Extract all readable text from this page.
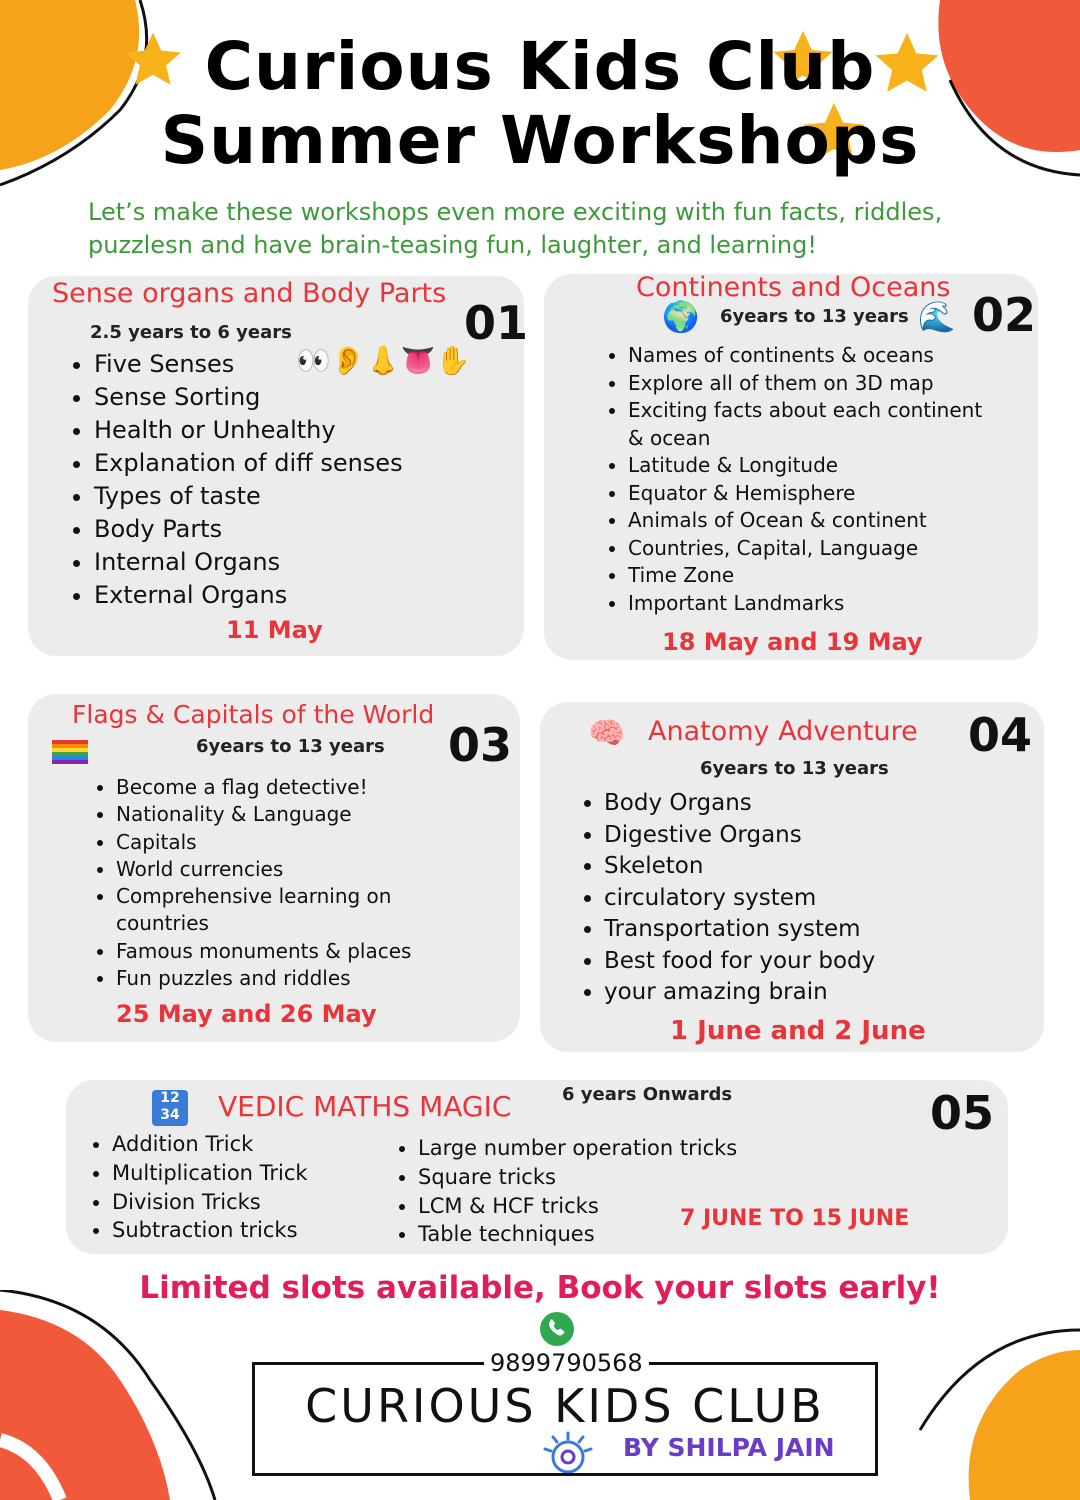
Curious Kids Club
Summer Workshops
Let’s make these workshops even more exciting with fun facts, riddles, puzzlesn and have brain-teasing fun, laughter, and learning!
Sense organs and Body Parts
01
2.5 years to 6 years
👀👂👃👅✋
• Five Senses
• Sense Sorting
• Health or Unhealthy
• Explanation of diff senses
• Types of taste
• Body Parts
• Internal Organs
• External Organs
11 May
Continents and Oceans
02
🌍 6years to 13 years 🌊
• Names of continents & oceans
• Explore all of them on 3D map
• Exciting facts about each continent & ocean
• Latitude & Longitude
• Equator & Hemisphere
• Animals of Ocean & continent
• Countries, Capital, Language
• Time Zone
• Important Landmarks
18 May and 19 May
Flags & Capitals of the World
03
6years to 13 years
• Become a flag detective!
• Nationality & Language
• Capitals
• World currencies
• Comprehensive learning on countries
• Famous monuments & places
• Fun puzzles and riddles
25 May and 26 May
🧠 Anatomy Adventure 04
6years to 13 years
• Body Organs
• Digestive Organs
• Skeleton
• circulatory system
• Transportation system
• Best food for your body
• your amazing brain
1 June and 2 June
12
34 VEDIC MATHS MAGIC	6 years Onwards	05
• Addition Trick
• Multiplication Trick
• Division Tricks
• Subtraction tricks
• Large number operation tricks
• Square tricks
• LCM & HCF tricks
• Table techniques
7 JUNE TO 15 JUNE
Limited slots available, Book your slots early!
CURIOUS KIDS CLUB
BY SHILPA JAIN
9899790568
